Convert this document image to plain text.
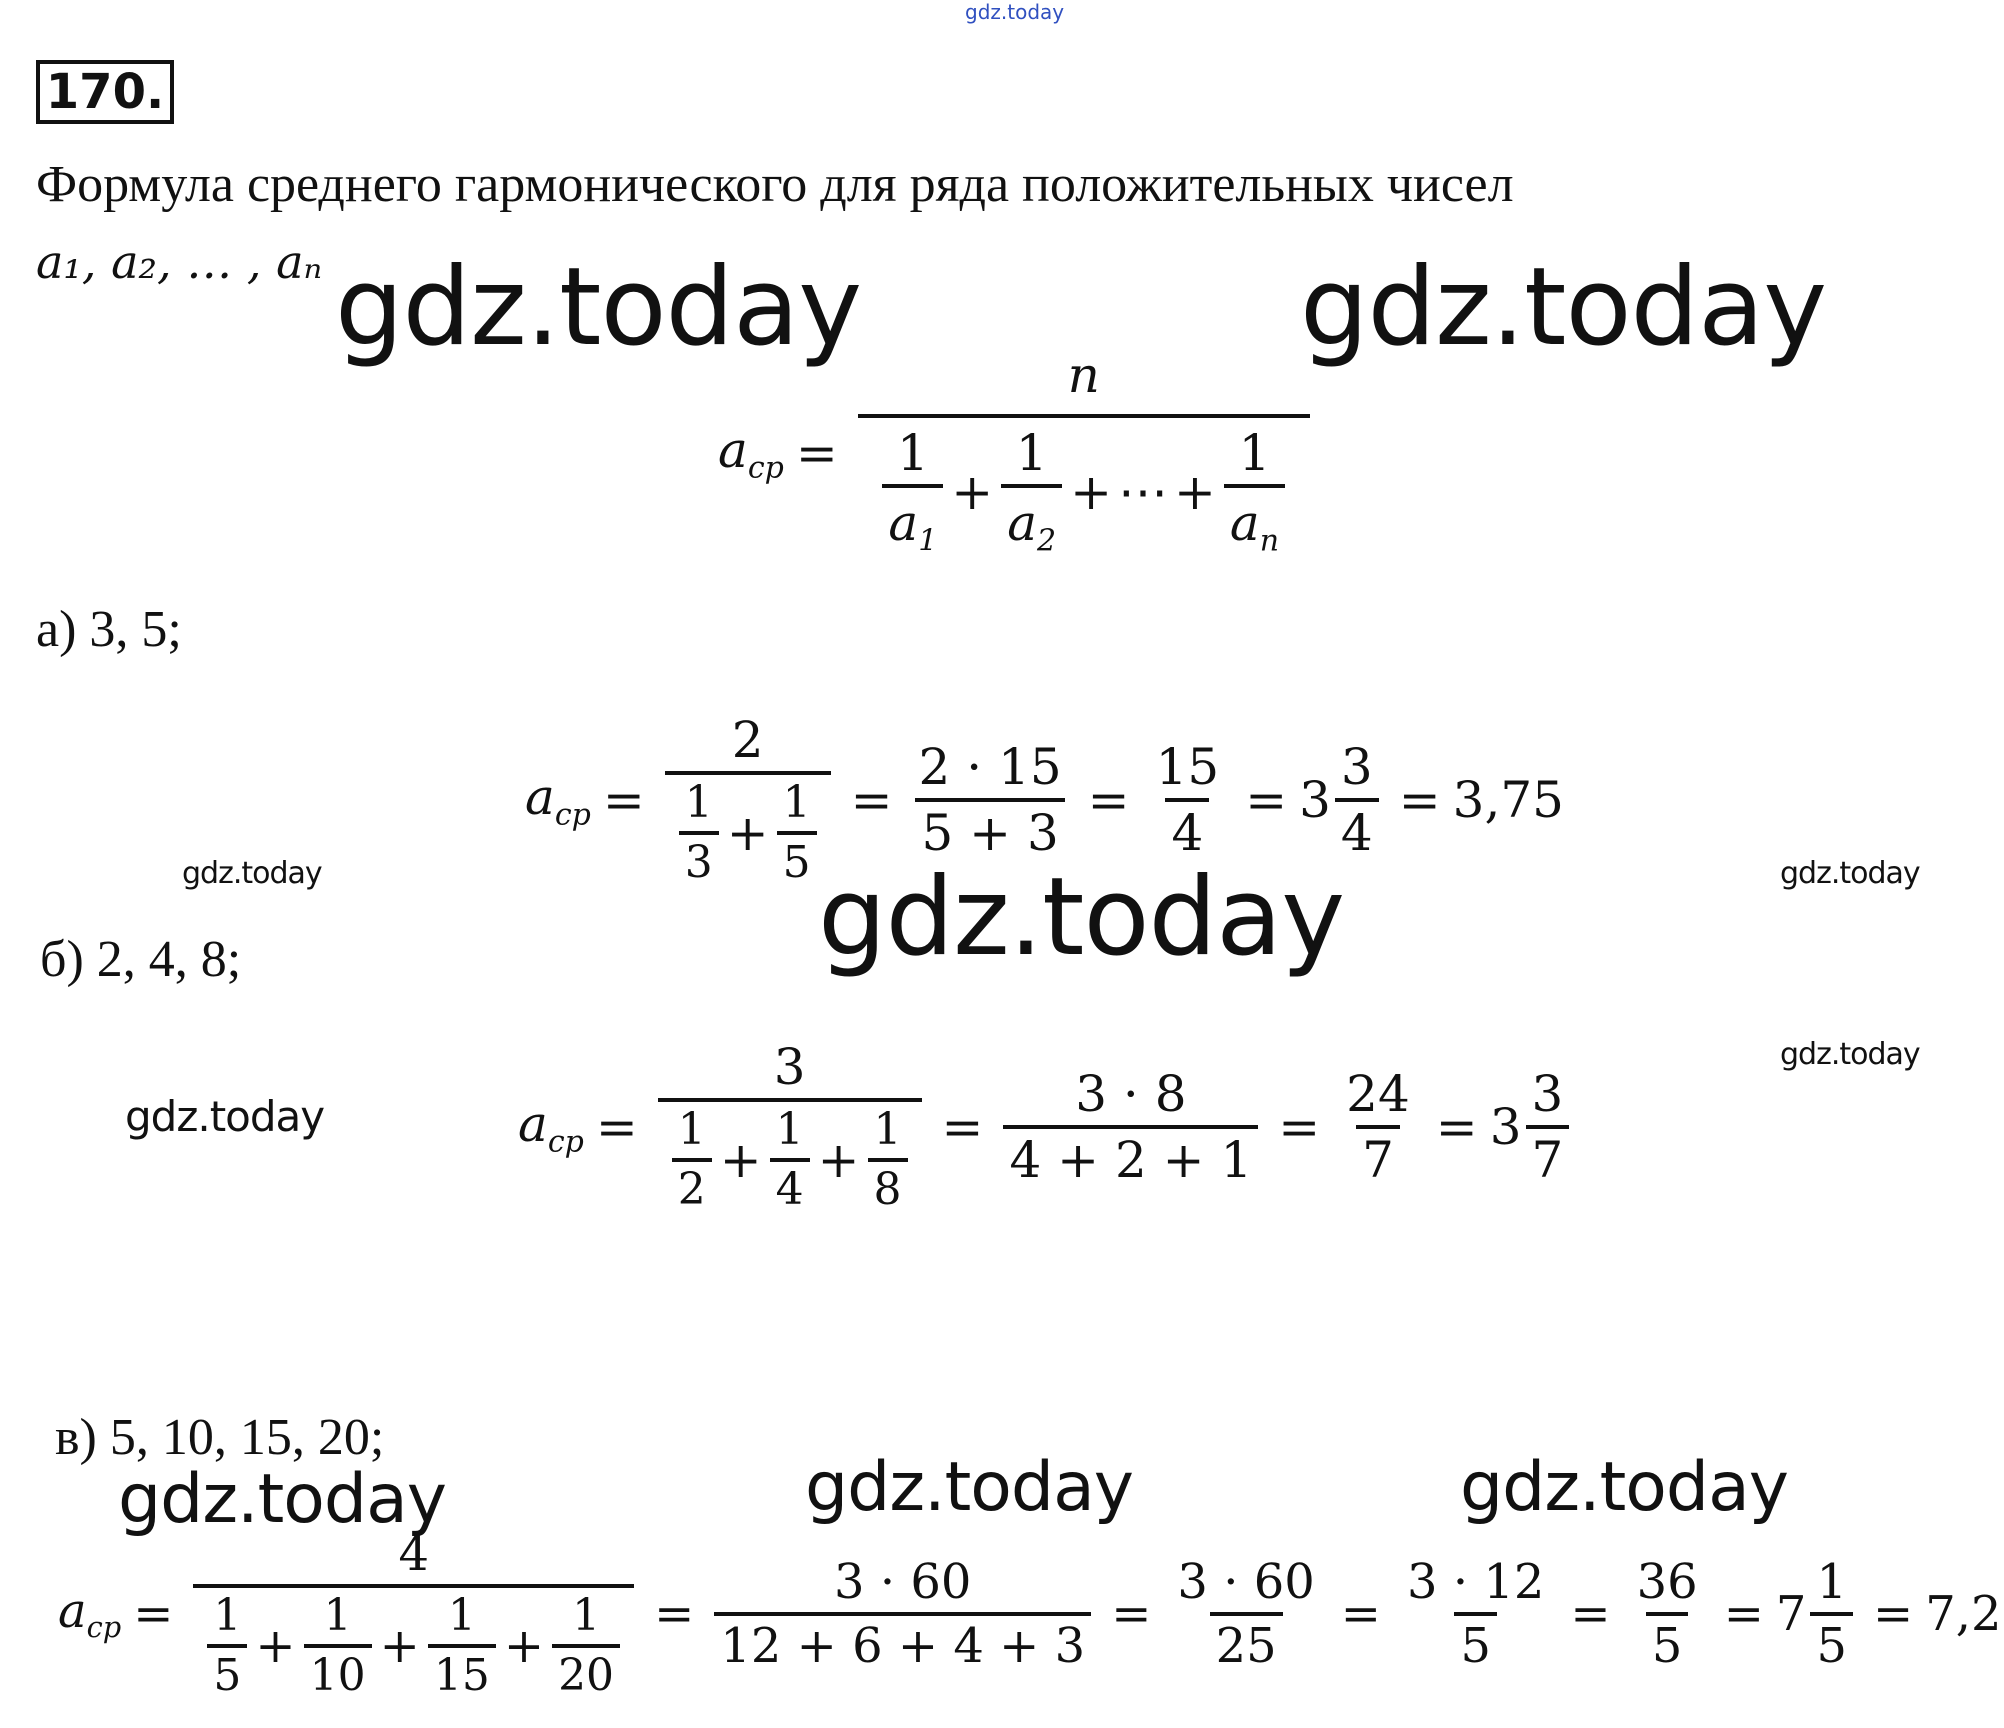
gdz.today
170.
Формула среднего гармонического для ряда положительных чисел
a₁, a₂, … , aₙ gdz.today	gdz.today
$a_{cp} = \frac{n}{\frac{1}{a_1} + \frac{1}{a_2} + \cdots + \frac{1}{a_n}}$
а) 3, 5;
$a_{cp} = \frac{2}{\frac{1}{3} + \frac{1}{5}} = \frac{2 \cdot 15}{5 + 3} = \frac{15}{4} = 3 \frac{3}{4} = 3,75$
gdz.today	gdz.today
gdz.today
б) 2, 4, 8;
gdz.today
gdz.today	$a_{cp} = \frac{3}{\frac{1}{2} + \frac{1}{4} + \frac{1}{8}} = \frac{3 \cdot 8}{4 + 2 + 1} = \frac{24}{7} = 3 \frac{3}{7}$
в) 5, 10, 15, 20;
gdz.today	gdz.today	gdz.today
$a_{cp} = \frac{4}{\frac{1}{5} + \frac{1}{10} + \frac{1}{15} + \frac{1}{20}} = \frac{3 \cdot 60}{12 + 6 + 4 + 3} = \frac{3 \cdot 60}{25} = \frac{3 \cdot 12}{5} = \frac{36}{5} = 7 \frac{1}{5} = 7,2$
